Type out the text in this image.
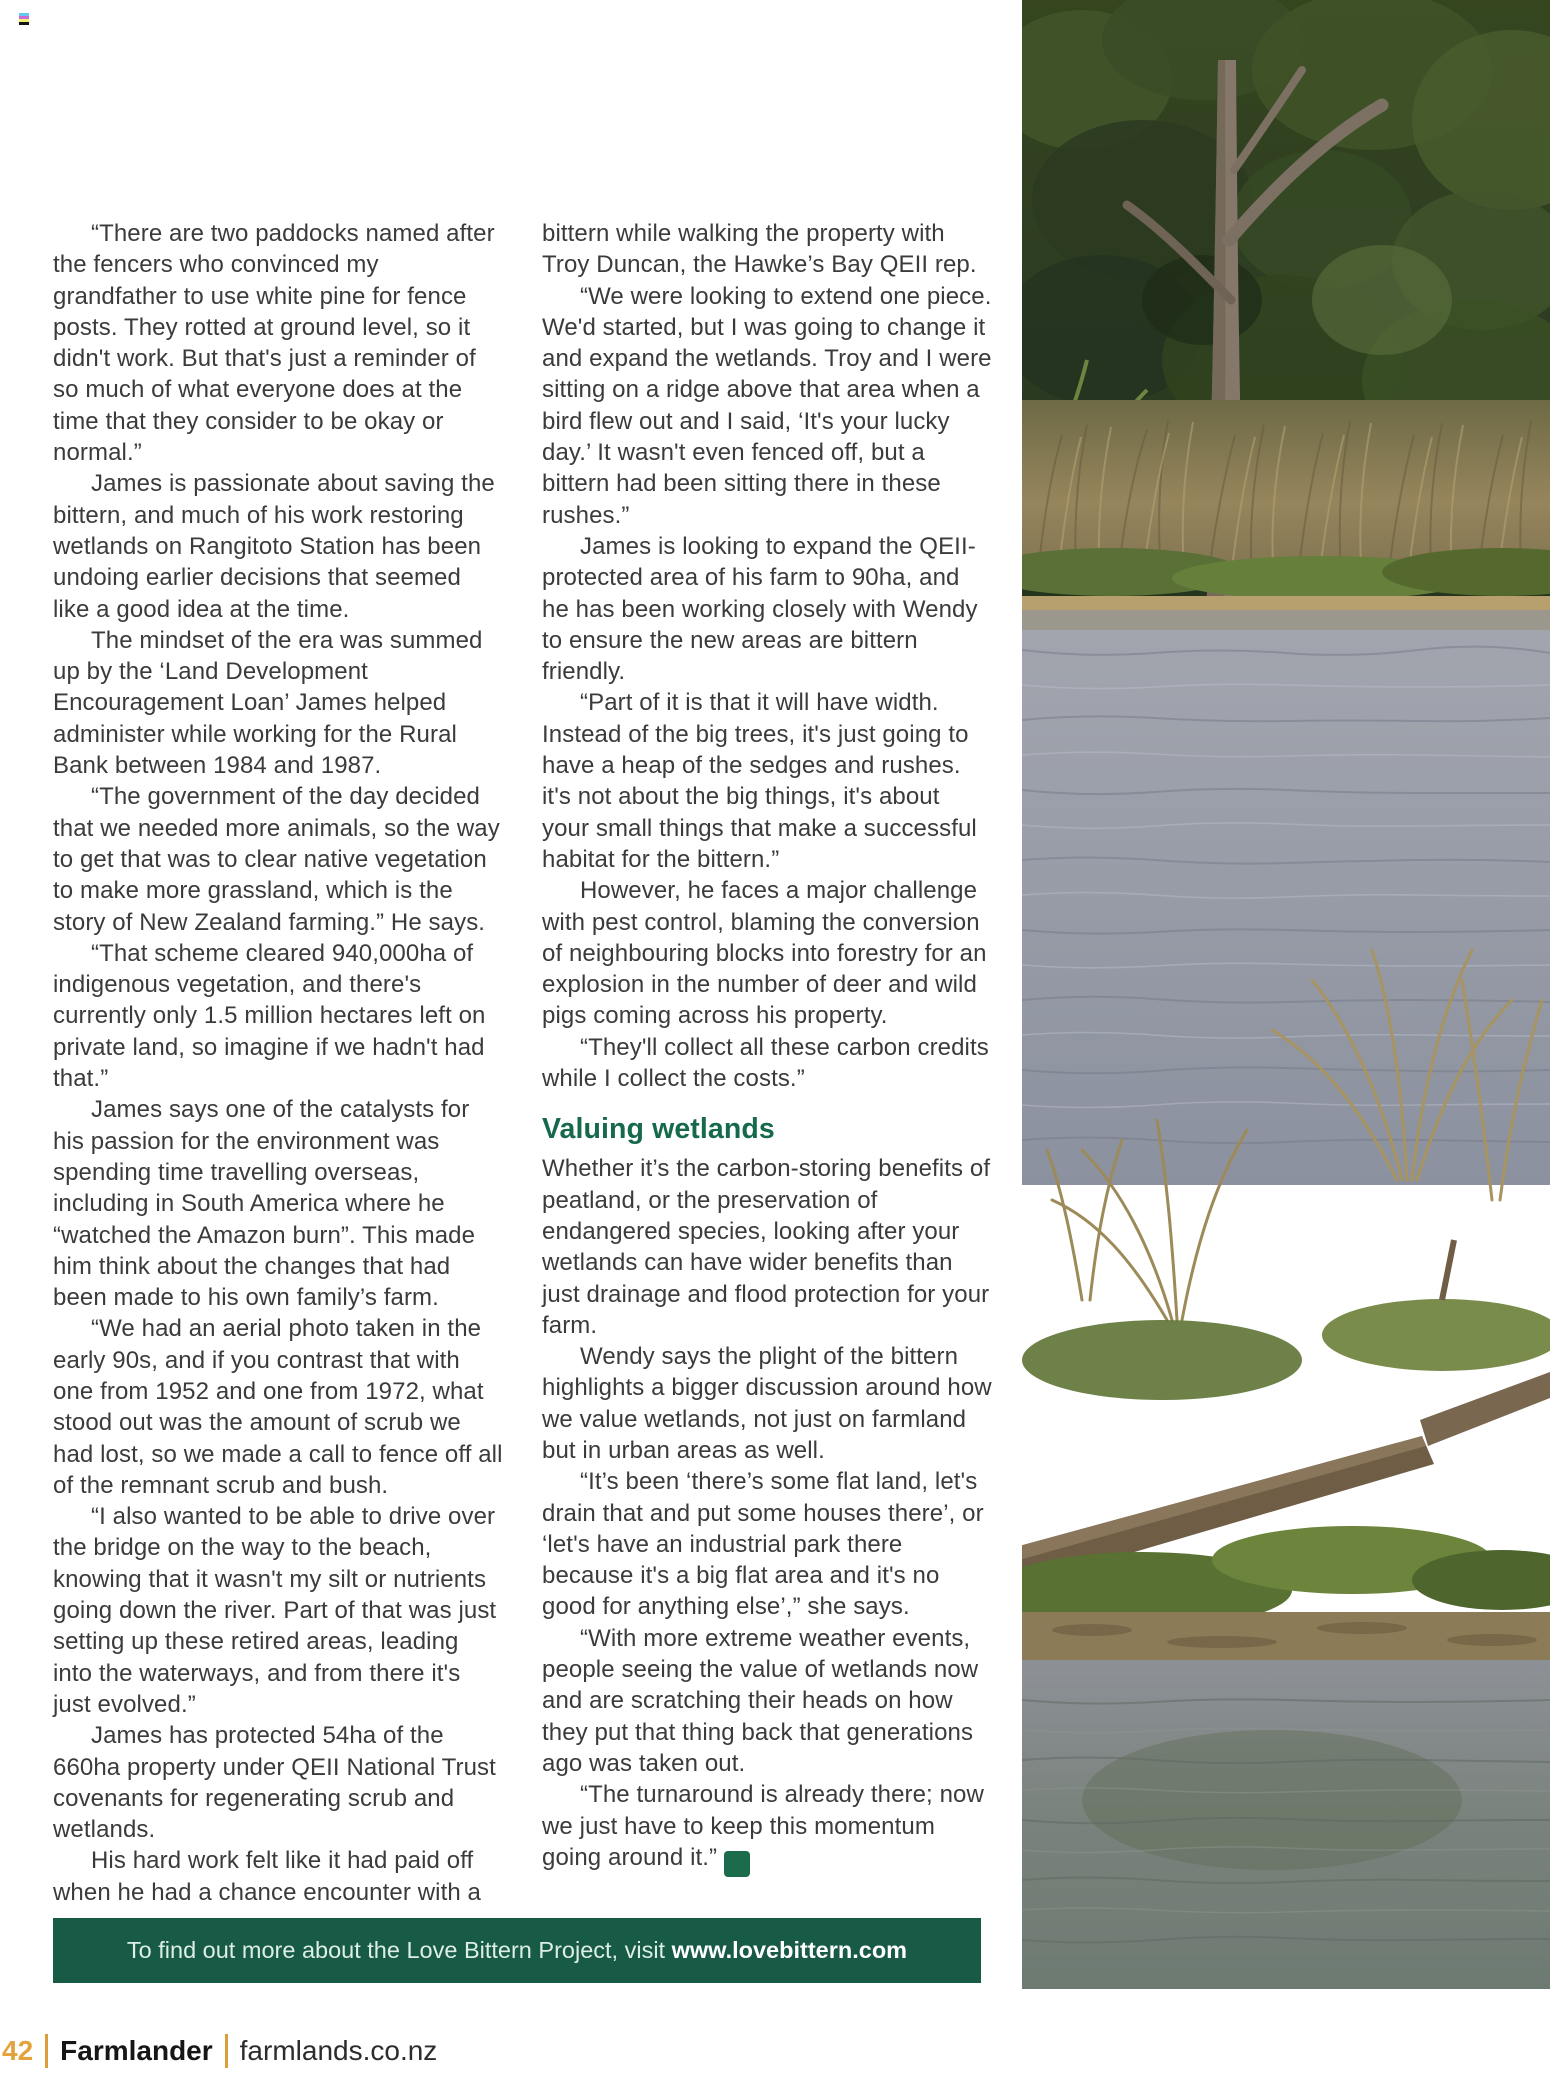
“There are two paddocks named after the fencers who convinced my grandfather to use white pine for fence posts. They rotted at ground level, so it didn't work. But that's just a reminder of so much of what everyone does at the time that they consider to be okay or normal.”

James is passionate about saving the bittern, and much of his work restoring wetlands on Rangitoto Station has been undoing earlier decisions that seemed like a good idea at the time.

The mindset of the era was summed up by the ‘Land Development Encouragement Loan’ James helped administer while working for the Rural Bank between 1984 and 1987.

“The government of the day decided that we needed more animals, so the way to get that was to clear native vegetation to make more grassland, which is the story of New Zealand farming.” He says.

“That scheme cleared 940,000ha of indigenous vegetation, and there's currently only 1.5 million hectares left on private land, so imagine if we hadn't had that.”

James says one of the catalysts for his passion for the environment was spending time travelling overseas, including in South America where he “watched the Amazon burn”. This made him think about the changes that had been made to his own family’s farm.

“We had an aerial photo taken in the early 90s, and if you contrast that with one from 1952 and one from 1972, what stood out was the amount of scrub we had lost, so we made a call to fence off all of the remnant scrub and bush.

“I also wanted to be able to drive over the bridge on the way to the beach, knowing that it wasn't my silt or nutrients going down the river. Part of that was just setting up these retired areas, leading into the waterways, and from there it's just evolved.”

James has protected 54ha of the 660ha property under QEII National Trust covenants for regenerating scrub and wetlands.

His hard work felt like it had paid off when he had a chance encounter with a

bittern while walking the property with Troy Duncan, the Hawke’s Bay QEII rep.

“We were looking to extend one piece. We'd started, but I was going to change it and expand the wetlands. Troy and I were sitting on a ridge above that area when a bird flew out and I said, ‘It's your lucky day.’ It wasn't even fenced off, but a bittern had been sitting there in these rushes.”

James is looking to expand the QEII-protected area of his farm to 90ha, and he has been working closely with Wendy to ensure the new areas are bittern friendly.

“Part of it is that it will have width. Instead of the big trees, it's just going to have a heap of the sedges and rushes. it's not about the big things, it's about your small things that make a successful habitat for the bittern.”

However, he faces a major challenge with pest control, blaming the conversion of neighbouring blocks into forestry for an explosion in the number of deer and wild pigs coming across his property.

“They'll collect all these carbon credits while I collect the costs.”

Valuing wetlands

Whether it’s the carbon-storing benefits of peatland, or the preservation of endangered species, looking after your wetlands can have wider benefits than just drainage and flood protection for your farm.

Wendy says the plight of the bittern highlights a bigger discussion around how we value wetlands, not just on farmland but in urban areas as well.

“It’s been ‘there’s some flat land, let's drain that and put some houses there’, or ‘let's have an industrial park there because it's a big flat area and it's no good for anything else’,” she says.

“With more extreme weather events, people seeing the value of wetlands now and are scratching their heads on how they put that thing back that generations ago was taken out.

“The turnaround is already there; now we just have to keep this momentum going around it.” F

To find out more about the Love Bittern Project, visit www.lovebittern.com
42 Farmlander farmlands.co.nz
